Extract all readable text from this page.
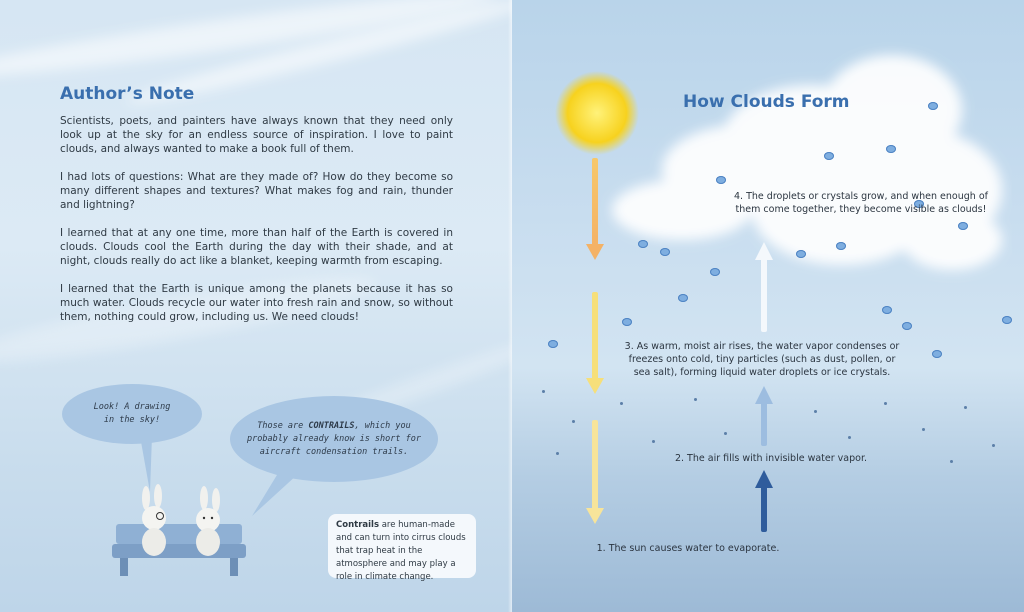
Author’s Note

Scientists, poets, and painters have always known that they need only look up at the sky for an endless source of inspiration. I love to paint clouds, and always wanted to make a book full of them.

I had lots of questions: What are they made of? How do they become so many different shapes and textures? What makes fog and rain, thunder and lightning?

I learned that at any one time, more than half of the Earth is covered in clouds. Clouds cool the Earth during the day with their shade, and at night, clouds really do act like a blanket, keeping warmth from escaping.

I learned that the Earth is unique among the planets because it has so much water. Clouds recycle our water into fresh rain and snow, so without them, nothing could grow, including us. We need clouds!

Look! A drawing
in the sky!
Those are CONTRAILS, which you
probably already know is short for
aircraft condensation trails.
Contrails are human-made and can turn into cirrus clouds that trap heat in the atmosphere and may play a role in climate change.
How Clouds Form
4. The droplets or crystals grow, and when enough of them come together, they become visible as clouds!
3. As warm, moist air rises, the water vapor condenses or freezes onto cold, tiny particles (such as dust, pollen, or sea salt), forming liquid water droplets or ice crystals.
2. The air fills with invisible water vapor.
1. The sun causes water to evaporate.
